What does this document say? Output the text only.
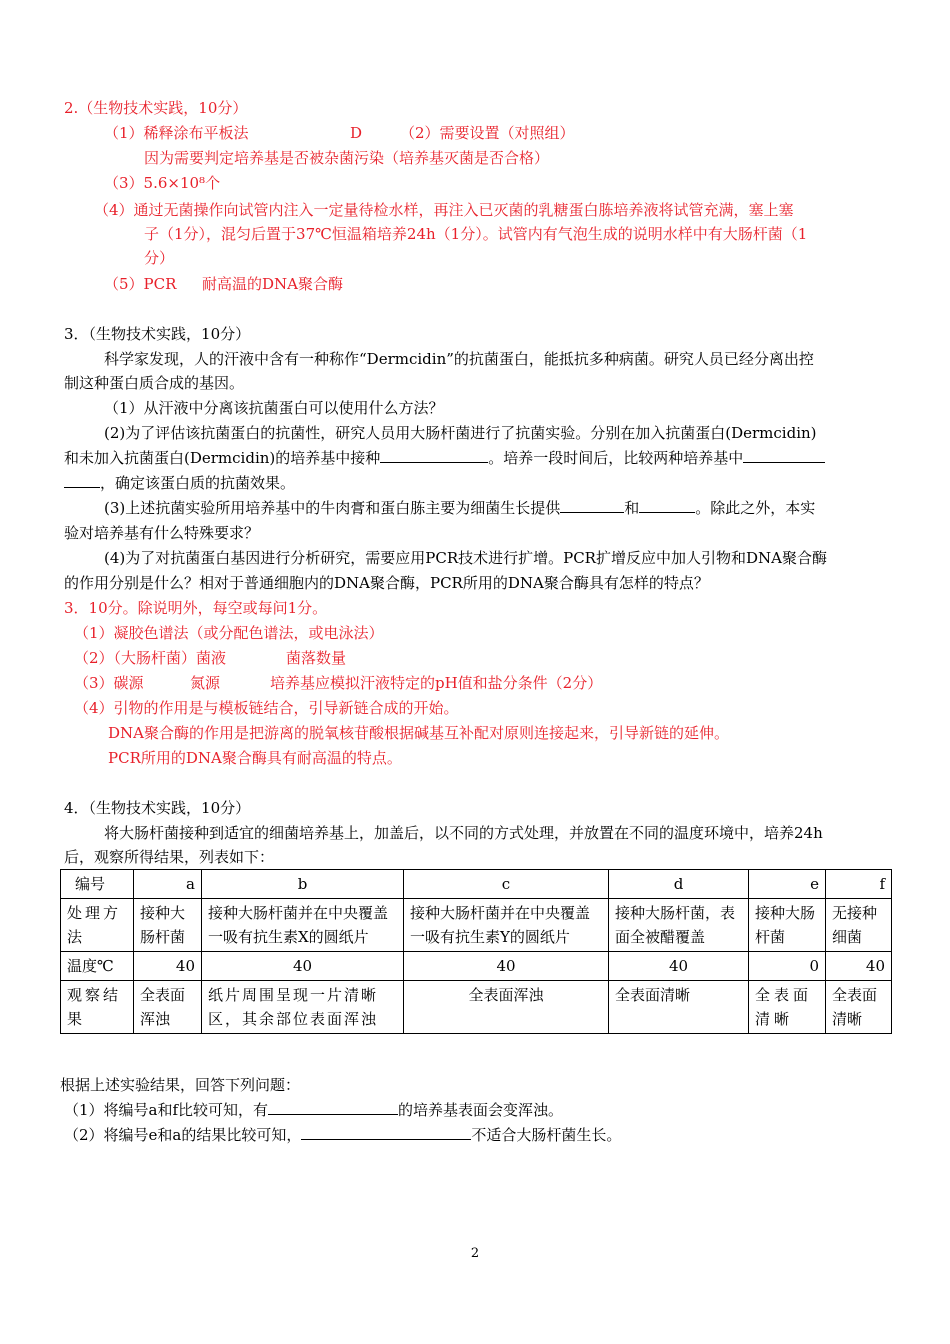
2.（生物技术实践，10分）
（1）稀释涂布平板法	D	（2）需要设置（对照组）
因为需要判定培养基是否被杂菌污染（培养基灭菌是否合格）
（3）5.6×10⁸个
（4）通过无菌操作向试管内注入一定量待检水样，再注入已灭菌的乳糖蛋白胨培养液将试管充满，塞上塞
子（1分），混匀后置于37℃恒温箱培养24h（1分）。试管内有气泡生成的说明水样中有大肠杆菌（1
分）
（5）PCR 耐高温的DNA聚合酶
3．（生物技术实践，10分）
科学家发现，人的汗液中含有一种称作“Dermcidin”的抗菌蛋白，能抵抗多种病菌。研究人员已经分离出控
制这种蛋白质合成的基因。
（1）从汗液中分离该抗菌蛋白可以使用什么方法？
(2)为了评估该抗菌蛋白的抗菌性，研究人员用大肠杆菌进行了抗菌实验。分别在加入抗菌蛋白(Dermcidin)
和未加入抗菌蛋白(Dermcidin)的培养基中接种	。培养一段时间后，比较两种培养基中
，确定该蛋白质的抗菌效果。
(3)上述抗菌实验所用培养基中的牛肉膏和蛋白胨主要为细菌生长提供	和	。除此之外，本实
验对培养基有什么特殊要求？
(4)为了对抗菌蛋白基因进行分析研究，需要应用PCR技术进行扩增。PCR扩增反应中加人引物和DNA聚合酶
的作用分别是什么？相对于普通细胞内的DNA聚合酶，PCR所用的DNA聚合酶具有怎样的特点？
3．10分。除说明外，每空或每问1分。
（1）凝胶色谱法（或分配色谱法，或电泳法）
（2）（大肠杆菌）菌液	菌落数量
（3）碳源	氮源	培养基应模拟汗液特定的pH值和盐分条件（2分）
（4）引物的作用是与模板链结合，引导新链合成的开始。
DNA聚合酶的作用是把游离的脱氧核苷酸根据碱基互补配对原则连接起来，引导新链的延伸。
PCR所用的DNA聚合酶具有耐高温的特点。
4．（生物技术实践，10分）
将大肠杆菌接种到适宜的细菌培养基上，加盖后，以不同的方式处理，并放置在不同的温度环境中，培养24h
后，观察所得结果，列表如下：
编号	a	b	c	d	e	f
处理方法	接种大肠杆菌	接种大肠杆菌并在中央覆盖一吸有抗生素X的圆纸片	接种大肠杆菌并在中央覆盖一吸有抗生素Y的圆纸片	接种大肠杆菌，表面全被醋覆盖	接种大肠杆菌	无接种细菌
温度℃	40	40	40	40	0	40
观察结果	全表面浑浊	纸片周围呈现一片清晰区，其余部位表面浑浊	全表面浑浊	全表面清晰	全表面清晰	全表面清晰
根据上述实验结果，回答下列问题：
（1）将编号a和f比较可知，有	的培养基表面会变浑浊。
（2）将编号e和a的结果比较可知，	不适合大肠杆菌生长。
2
